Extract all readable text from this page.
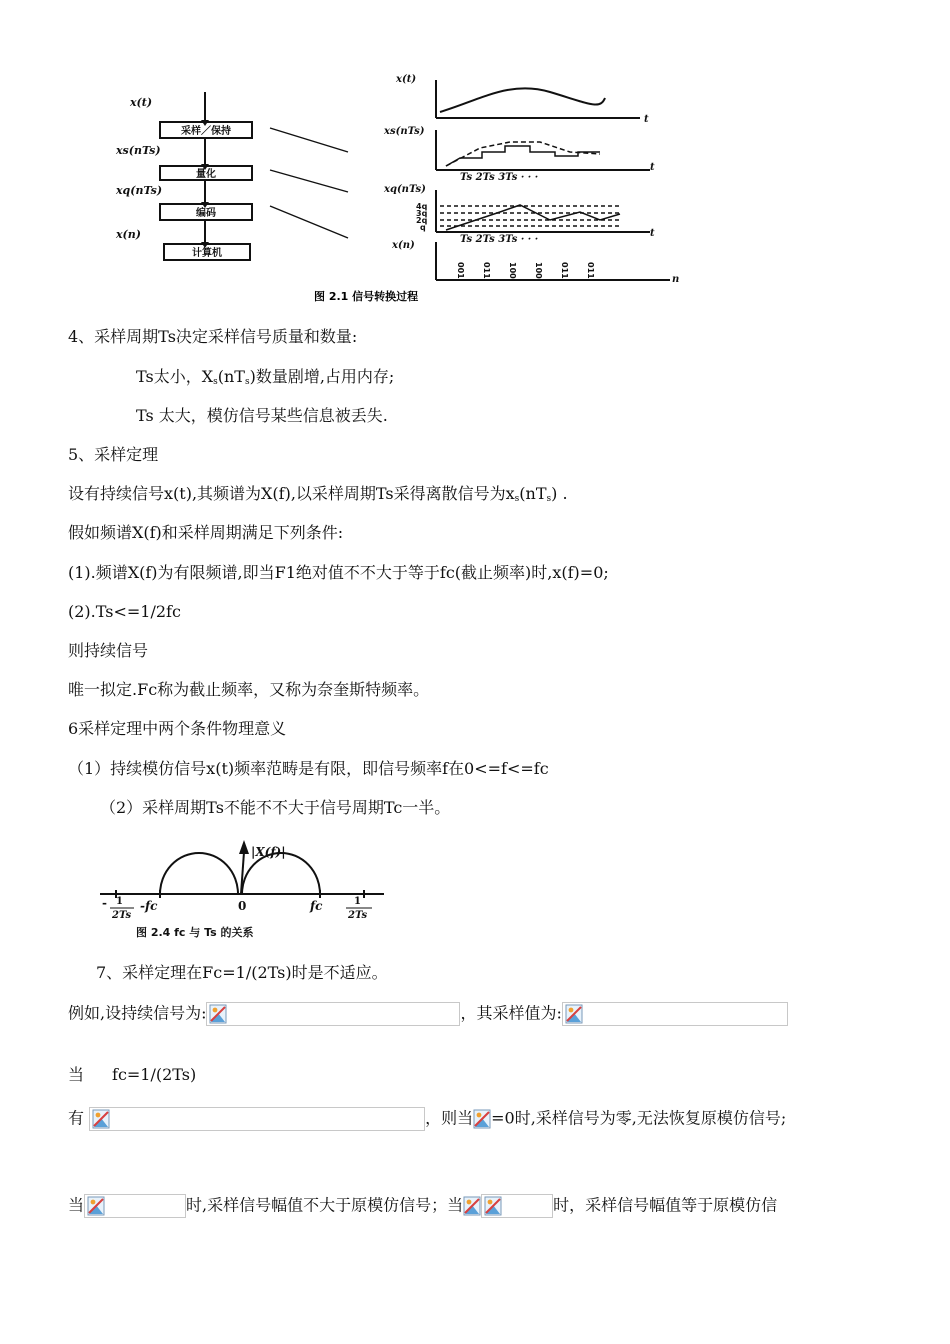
x(t)
xs(nTs)
xq(nTs)
x(n)
采样／保持
量化
编码
计算机
x(t)
xs(nTs)
xq(nTs)
x(n)
t
t
t
n
Ts 2Ts 3Ts · · ·
Ts 2Ts 3Ts · · ·
4q
3q
2q
q
001 011 100 100 011 011
图 2.1 信号转换过程
4、采样周期Ts决定采样信号质量和数量:
Ts太小，$X_s(nT_s)$数量剧增,占用内存;
Ts 太大，模仿信号某些信息被丢失.
5、采样定理
设有持续信号x(t),其频谱为X(f),以采样周期Ts采得离散信号为$x_s(nT_s)$ .
假如频谱X(f)和采样周期满足下列条件:
(1).频谱X(f)为有限频谱,即当F1绝对值不不大于等于fc(截止频率)时,x(f)=0;
(2).Ts<=1/2fc
则持续信号
唯一拟定.Fc称为截止频率，又称为奈奎斯特频率。
6采样定理中两个条件物理意义
（1）持续模仿信号x(t)频率范畴是有限，即信号频率f在0<=f<=fc
（2）采样周期Ts不能不不大于信号周期Tc一半。
|X(f)|
- 1
2Ts
-fc	0	fc	1
2Ts
图 2.4 fc 与 Ts 的关系
7、采样定理在Fc=1/(2Ts)时是不适应。
例如,设持续信号为:	，其采样值为:
当 fc=1/(2Ts)
有	，则当 =0时,采样信号为零,无法恢复原模仿信号;
当	时,采样信号幅值不大于原模仿信号；当	时，采样信号幅值等于原模仿信
